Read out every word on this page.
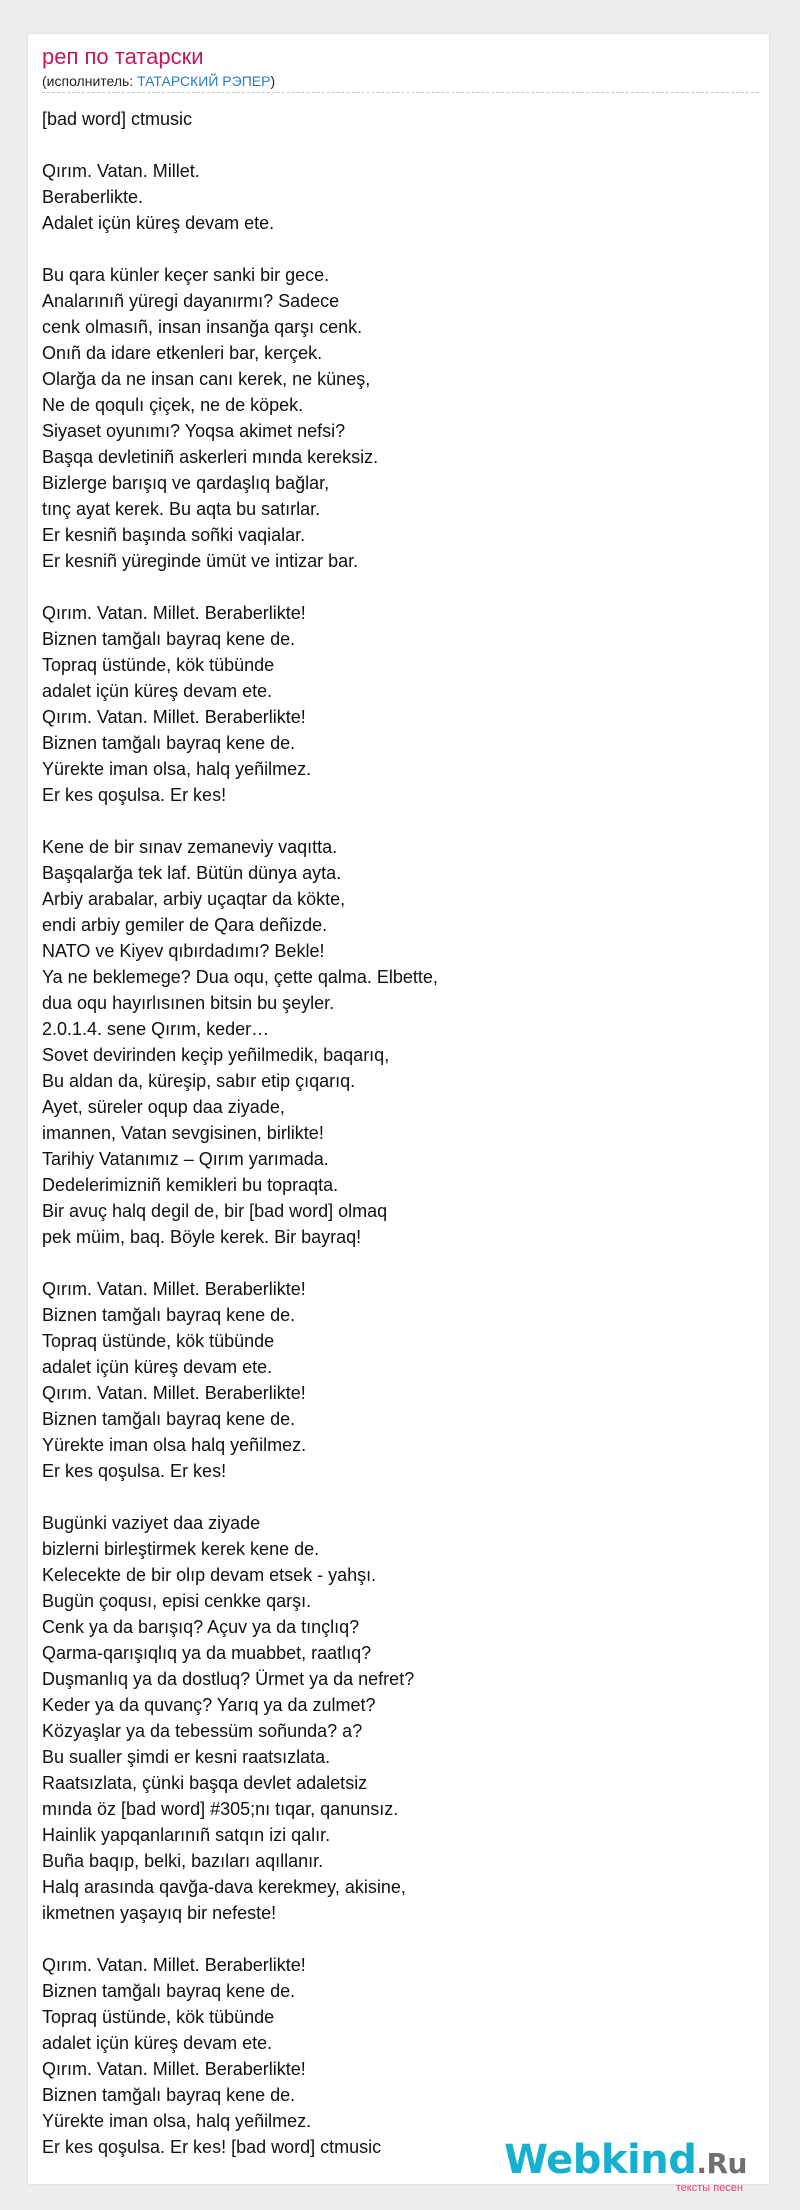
реп по татарски
(исполнитель: ТАТАРСКИЙ РЭПЕР)
[bad word] ctmusic
Qırım. Vatan. Millet.
Beraberlikte.
Adalet içün küreş devam ete.
Bu qara künler keçer sanki bir gece.
Analarınıñ yüregi dayanırmı? Sadece
cenk olmasıñ, insan insanğa qarşı cenk.
Onıñ da idare etkenleri bar, kerçek.
Olarğa da ne insan canı kerek, ne küneş,
Ne de qoqulı çiçek, ne de köpek.
Siyaset oyunımı? Yoqsa akimet nefsi?
Başqa devletiniñ askerleri mında kereksiz.
Bizlerge barışıq ve qardaşlıq bağlar,
tınç ayat kerek. Bu aqta bu satırlar.
Er kesniñ başında soñki vaqialar.
Er kesniñ yüreginde ümüt ve intizar bar.
Qırım. Vatan. Millet. Beraberlikte!
Biznen tamğalı bayraq kene de.
Topraq üstünde, kök tübünde
adalet içün küreş devam ete.
Qırım. Vatan. Millet. Beraberlikte!
Biznen tamğalı bayraq kene de.
Yürekte iman olsa, halq yeñilmez.
Er kes qoşulsa. Er kes!
Kene de bir sınav zemaneviy vaqıtta.
Başqalarğa tek laf. Bütün dünya ayta.
Arbiy arabalar, arbiy uçaqtar da kökte,
endi arbiy gemiler de Qara deñizde.
NATO ve Kiyev qıbırdadımı? Bekle!
Ya ne beklemege? Dua oqu, çette qalma. Elbette,
dua oqu hayırlısınen bitsin bu şeyler.
2.0.1.4. sene Qırım, keder…
Sovet devirinden keçip yeñilmedik, baqarıq,
Bu aldan da, küreşip, sabır etip çıqarıq.
Ayet, süreler oqup daa ziyade,
imannen, Vatan sevgisinen, birlikte!
Tarihiy Vatanımız – Qırım yarımada.
Dedelerimizniñ kemikleri bu topraqta.
Bir avuç halq degil de, bir [bad word] olmaq
pek müim, baq. Böyle kerek. Bir bayraq!
Qırım. Vatan. Millet. Beraberlikte!
Biznen tamğalı bayraq kene de.
Topraq üstünde, kök tübünde
adalet içün küreş devam ete.
Qırım. Vatan. Millet. Beraberlikte!
Biznen tamğalı bayraq kene de.
Yürekte iman olsa halq yeñilmez.
Er kes qoşulsa. Er kes!
Bugünki vaziyet daa ziyade
bizlerni birleştirmek kerek kene de.
Kelecekte de bir olıp devam etsek - yahşı.
Bugün çoqusı, episi cenkke qarşı.
Cenk ya da barışıq? Açuv ya da tınçlıq?
Qarma-qarışıqlıq ya da muabbet, raatlıq?
Duşmanlıq ya da dostluq? Ürmet ya da nefret?
Keder ya da quvanç? Yarıq ya da zulmet?
Közyaşlar ya da tebessüm soñunda? a?
Bu sualler şimdi er kesni raatsızlata.
Raatsızlata, çünki başqa devlet adaletsiz
mında öz [bad word] #305;nı tıqar, qanunsız.
Hainlik yapqanlarınıñ satqın izi qalır.
Buña baqıp, belki, bazıları aqıllanır.
Halq arasında qavğa-dava kerekmey, akisine,
ikmetnen yaşayıq bir nefeste!
Qırım. Vatan. Millet. Beraberlikte!
Biznen tamğalı bayraq kene de.
Topraq üstünde, kök tübünde
adalet içün küreş devam ete.
Qırım. Vatan. Millet. Beraberlikte!
Biznen tamğalı bayraq kene de.
Yürekte iman olsa, halq yeñilmez.
Er kes qoşulsa. Er kes! [bad word] ctmusic	Webkind.Ru
тексты песен
